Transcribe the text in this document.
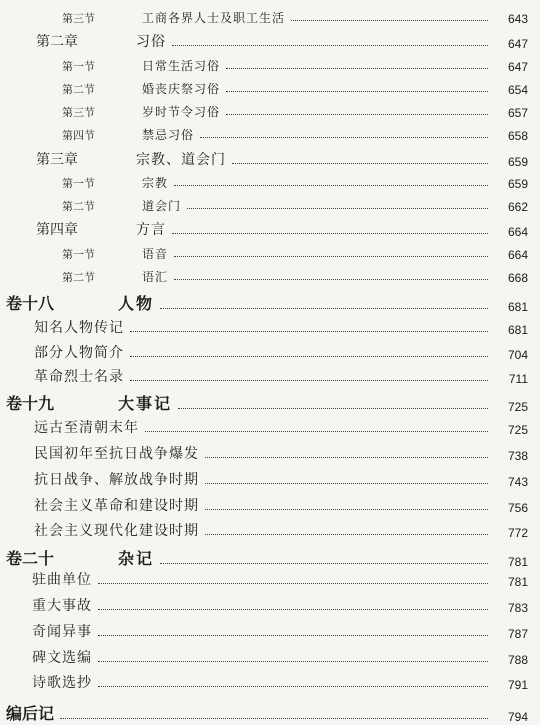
第三节	工商各界人士及职工生活	643
第二章	习俗	647
第一节	日常生活习俗	647
第二节	婚丧庆祭习俗	654
第三节	岁时节令习俗	657
第四节	禁忌习俗	658
第三章	宗教、道会门	659
第一节	宗教	659
第二节	道会门	662
第四章	方言	664
第一节	语音	664
第二节	语汇	668
卷十八	人物	681
知名人物传记	681
部分人物简介	704
革命烈士名录	711
卷十九	大事记	725
远古至清朝末年	725
民国初年至抗日战争爆发	738
抗日战争、解放战争时期	743
社会主义革命和建设时期	756
社会主义现代化建设时期	772
卷二十	杂记	781
驻曲单位	781
重大事故	783
奇闻异事	787
碑文选编	788
诗歌选抄	791
编后记	794
